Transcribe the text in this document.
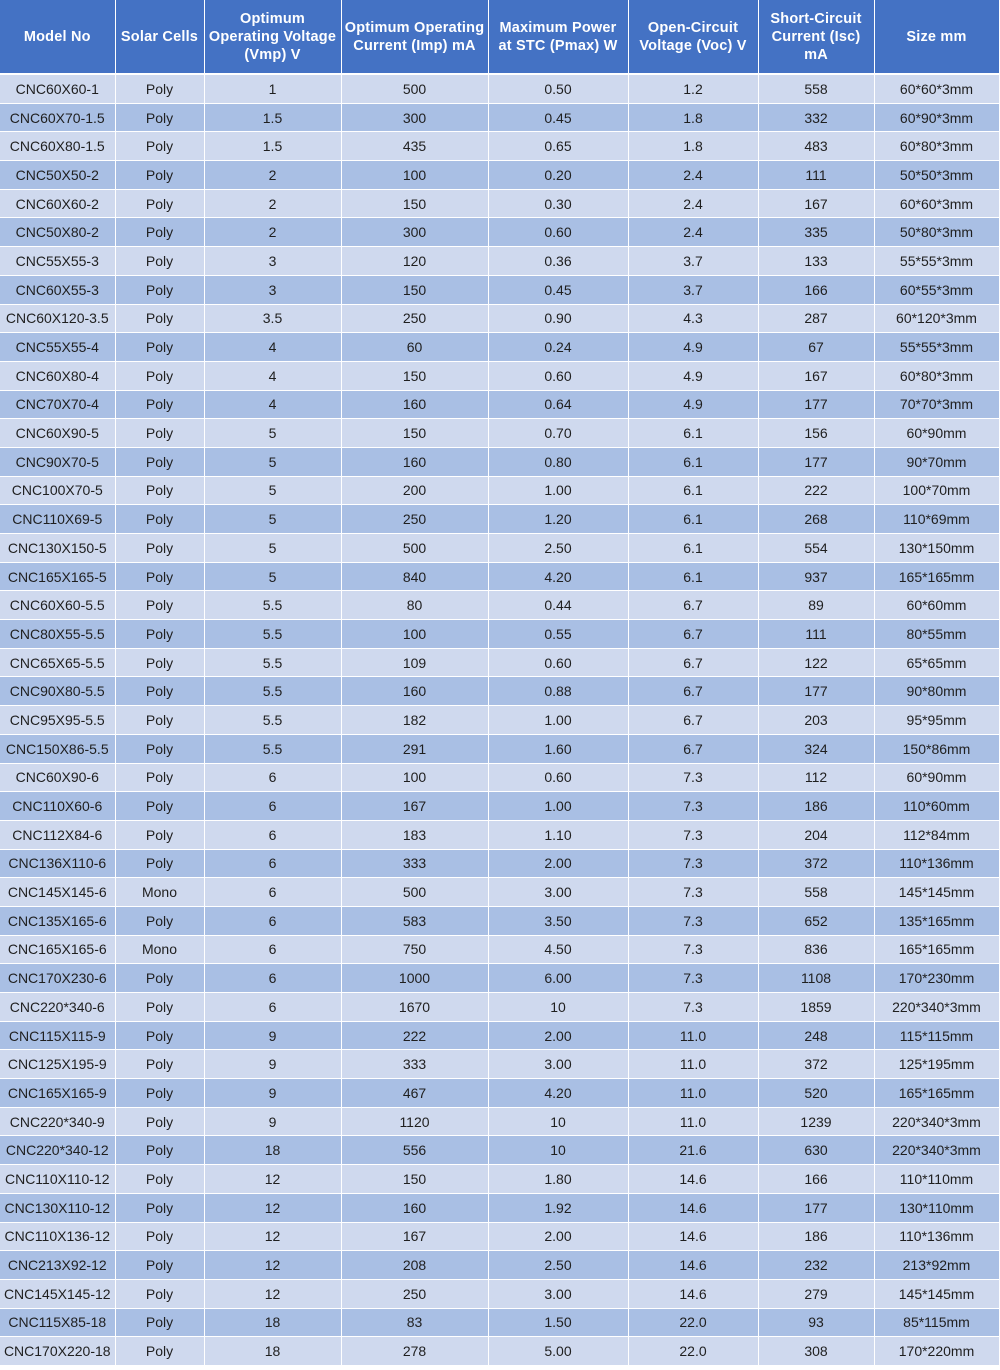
Model No	Solar Cells	Optimum Operating Voltage (Vmp) V	Optimum Operating Current (Imp) mA	Maximum Power at STC (Pmax) W	Open-Circuit Voltage (Voc) V	Short-Circuit Current (Isc) mA	Size mm
CNC60X60-1	Poly	1	500	0.50	1.2	558	60*60*3mm
CNC60X70-1.5	Poly	1.5	300	0.45	1.8	332	60*90*3mm
CNC60X80-1.5	Poly	1.5	435	0.65	1.8	483	60*80*3mm
CNC50X50-2	Poly	2	100	0.20	2.4	111	50*50*3mm
CNC60X60-2	Poly	2	150	0.30	2.4	167	60*60*3mm
CNC50X80-2	Poly	2	300	0.60	2.4	335	50*80*3mm
CNC55X55-3	Poly	3	120	0.36	3.7	133	55*55*3mm
CNC60X55-3	Poly	3	150	0.45	3.7	166	60*55*3mm
CNC60X120-3.5	Poly	3.5	250	0.90	4.3	287	60*120*3mm
CNC55X55-4	Poly	4	60	0.24	4.9	67	55*55*3mm
CNC60X80-4	Poly	4	150	0.60	4.9	167	60*80*3mm
CNC70X70-4	Poly	4	160	0.64	4.9	177	70*70*3mm
CNC60X90-5	Poly	5	150	0.70	6.1	156	60*90mm
CNC90X70-5	Poly	5	160	0.80	6.1	177	90*70mm
CNC100X70-5	Poly	5	200	1.00	6.1	222	100*70mm
CNC110X69-5	Poly	5	250	1.20	6.1	268	110*69mm
CNC130X150-5	Poly	5	500	2.50	6.1	554	130*150mm
CNC165X165-5	Poly	5	840	4.20	6.1	937	165*165mm
CNC60X60-5.5	Poly	5.5	80	0.44	6.7	89	60*60mm
CNC80X55-5.5	Poly	5.5	100	0.55	6.7	111	80*55mm
CNC65X65-5.5	Poly	5.5	109	0.60	6.7	122	65*65mm
CNC90X80-5.5	Poly	5.5	160	0.88	6.7	177	90*80mm
CNC95X95-5.5	Poly	5.5	182	1.00	6.7	203	95*95mm
CNC150X86-5.5	Poly	5.5	291	1.60	6.7	324	150*86mm
CNC60X90-6	Poly	6	100	0.60	7.3	112	60*90mm
CNC110X60-6	Poly	6	167	1.00	7.3	186	110*60mm
CNC112X84-6	Poly	6	183	1.10	7.3	204	112*84mm
CNC136X110-6	Poly	6	333	2.00	7.3	372	110*136mm
CNC145X145-6	Mono	6	500	3.00	7.3	558	145*145mm
CNC135X165-6	Poly	6	583	3.50	7.3	652	135*165mm
CNC165X165-6	Mono	6	750	4.50	7.3	836	165*165mm
CNC170X230-6	Poly	6	1000	6.00	7.3	1108	170*230mm
CNC220*340-6	Poly	6	1670	10	7.3	1859	220*340*3mm
CNC115X115-9	Poly	9	222	2.00	11.0	248	115*115mm
CNC125X195-9	Poly	9	333	3.00	11.0	372	125*195mm
CNC165X165-9	Poly	9	467	4.20	11.0	520	165*165mm
CNC220*340-9	Poly	9	1120	10	11.0	1239	220*340*3mm
CNC220*340-12	Poly	18	556	10	21.6	630	220*340*3mm
CNC110X110-12	Poly	12	150	1.80	14.6	166	110*110mm
CNC130X110-12	Poly	12	160	1.92	14.6	177	130*110mm
CNC110X136-12	Poly	12	167	2.00	14.6	186	110*136mm
CNC213X92-12	Poly	12	208	2.50	14.6	232	213*92mm
CNC145X145-12	Poly	12	250	3.00	14.6	279	145*145mm
CNC115X85-18	Poly	18	83	1.50	22.0	93	85*115mm
CNC170X220-18	Poly	18	278	5.00	22.0	308	170*220mm
